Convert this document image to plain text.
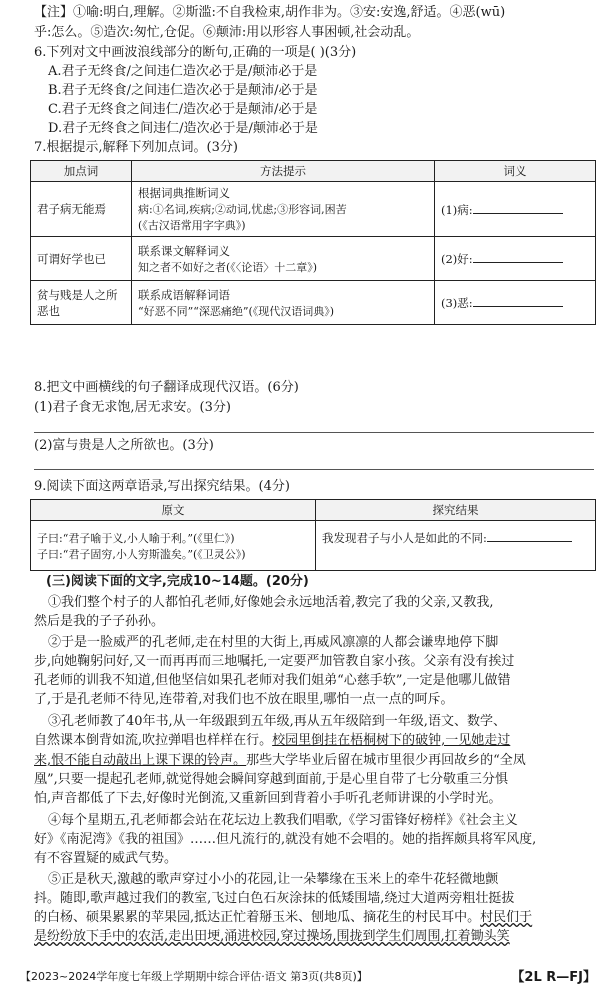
【注】①喻:明白,理解。②斯滥:不自我检束,胡作非为。③安:安逸,舒适。④恶(wū)
乎:怎么。⑤造次:匆忙,仓促。⑥颠沛:用以形容人事困顿,社会动乱。
6.下列对文中画波浪线部分的断句,正确的一项是( )(3分)
A.君子无终食/之间违仁造次必于是/颠沛必于是
B.君子无终食/之间违仁造次必于是颠沛/必于是
C.君子无终食之间违仁/造次必于是颠沛/必于是
D.君子无终食之间违仁/造次必于是/颠沛必于是
7.根据提示,解释下列加点词。(3分)
加点词	方法提示	词义
君子病无能焉	根据词典推断词义
病:①名词,疾病;②动词,忧虑;③形容词,困苦
(《古汉语常用字字典》)	(1)病:
可谓好学也已	联系课文解释词义
知之者不如好之者(《〈论语〉十二章》)	(2)好:
贫与贱是人之所恶也	联系成语解释词语
“好恶不同”“深恶痛绝”(《现代汉语词典》)	(3)恶:
8.把文中画横线的句子翻译成现代汉语。(6分)
(1)君子食无求饱,居无求安。(3分)
(2)富与贵是人之所欲也。(3分)
9.阅读下面这两章语录,写出探究结果。(4分)
原文	探究结果

子曰:“君子喻于义,小人喻于利。”(《里仁》)
子曰:“君子固穷,小人穷斯滥矣。”(《卫灵公》)	我发现君子与小人是如此的不同:
(三)阅读下面的文字,完成10~14题。(20分)
①我们整个村子的人都怕孔老师,好像她会永远地活着,教完了我的父亲,又教我,
然后是我的子子孙孙。
②于是一脸威严的孔老师,走在村里的大街上,再威风凛凛的人都会谦卑地停下脚
步,向她鞠躬问好,又一而再再而三地嘱托,一定要严加管教自家小孩。父亲有没有挨过
孔老师的训我不知道,但他坚信如果孔老师对我们姐弟“心慈手软”,一定是他哪儿做错
了,于是孔老师不待见,连带着,对我们也不放在眼里,哪怕一点一点的呵斥。
③孔老师教了40年书,从一年级跟到五年级,再从五年级陪到一年级,语文、数学、
自然课本倒背如流,吹拉弹唱也样样在行。校园里倒挂在梧桐树下的破钟,一见她走过
来,恨不能自动敲出上课下课的铃声。那些大学毕业后留在城市里很少再回故乡的“全凤
凰”,只要一提起孔老师,就觉得她会瞬间穿越到面前,于是心里自带了七分敬重三分惧
怕,声音都低了下去,好像时光倒流,又重新回到背着小手听孔老师讲课的小学时光。
④每个星期五,孔老师都会站在花坛边上教我们唱歌,《学习雷锋好榜样》《社会主义
好》《南泥湾》《我的祖国》……但凡流行的,就没有她不会唱的。她的指挥颇具将军风度,
有不容置疑的威武气势。
⑤正是秋天,激越的歌声穿过小小的花园,让一朵攀缘在玉米上的牵牛花轻微地颤
抖。随即,歌声越过我们的教室,飞过白色石灰涂抹的低矮围墙,绕过大道两旁粗壮挺拔
的白杨、硕果累累的苹果园,抵达正忙着掰玉米、刨地瓜、摘花生的村民耳中。村民们于
是纷纷放下手中的农活,走出田埂,涌进校园,穿过操场,围拢到学生们周围,扛着锄头笑
【2023~2024学年度七年级上学期期中综合评估·语文 第3页(共8页)】	【2L R—FJ】
